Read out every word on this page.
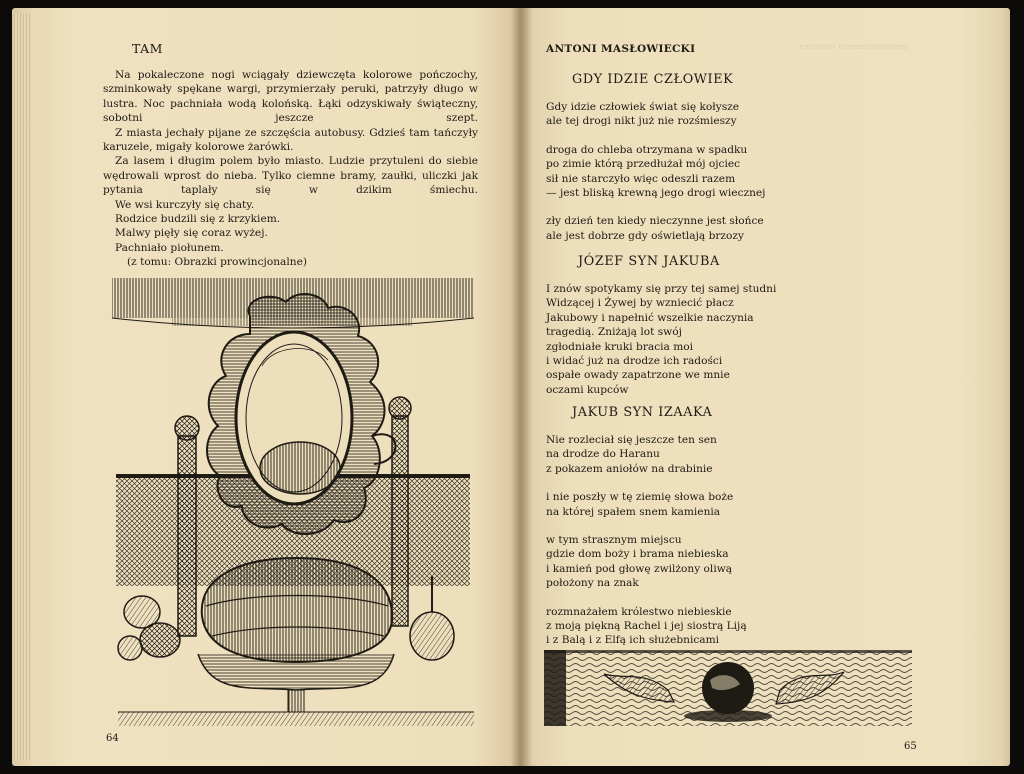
TAM

Na pokaleczone nogi wciągały dziewczęta kolorowe pończochy, szminkowały spękane wargi, przymierzały peruki, patrzyły długo w lustra. Noc pachniała wodą kolońską. Łąki odzyskiwały świąteczny, sobotni jeszcze szept.

Z miasta jechały pijane ze szczęścia autobusy. Gdzieś tam tańczyły karuzele, migały kolorowe żarówki.

Za lasem i długim polem było miasto. Ludzie przytuleni do siebie wędrowali wprost do nieba. Tylko ciemne bramy, zaułki, uliczki jak pytania taplały się w dzikim śmiechu.

We wsi kurczyły się chaty.
Rodzice budzili się z krzykiem.
Malwy pięły się coraz wyżej.
Pachniało piołunem.
(z tomu: Obrazki prowincjonalne)
64
▭▭▭▭ ▭▭▭▭▭▭▭▭
ANTONI MASŁOWIECKI
GDY IDZIE CZŁOWIEK
Gdy idzie człowiek świat się kołysze
ale tej drogi nikt już nie rozśmieszy
droga do chleba otrzymana w spadku
po zimie którą przedłużał mój ojciec
sił nie starczyło więc odeszli razem
— jest bliską krewną jego drogi wiecznej
zły dzień ten kiedy nieczynne jest słońce
ale jest dobrze gdy oświetlają brzozy
JÓZEF SYN JAKUBA
I znów spotykamy się przy tej samej studni
Widzącej i Żywej by wzniecić płacz
Jakubowy i napełnić wszelkie naczynia
tragedią. Zniżają lot swój
zgłodniałe kruki bracia moi
i widać już na drodze ich radości
ospałe owady zapatrzone we mnie
oczami kupców
JAKUB SYN IZAAKA
Nie rozleciał się jeszcze ten sen
na drodze do Haranu
z pokazem aniołów na drabinie
i nie poszły w tę ziemię słowa boże
na której spałem snem kamienia
w tym strasznym miejscu
gdzie dom boży i brama niebieska
i kamień pod głowę zwilżony oliwą
położony na znak
rozmnażałem królestwo niebieskie
z moją piękną Rachel i jej siostrą Liją
i z Balą i z Elfą ich służebnicami
65
